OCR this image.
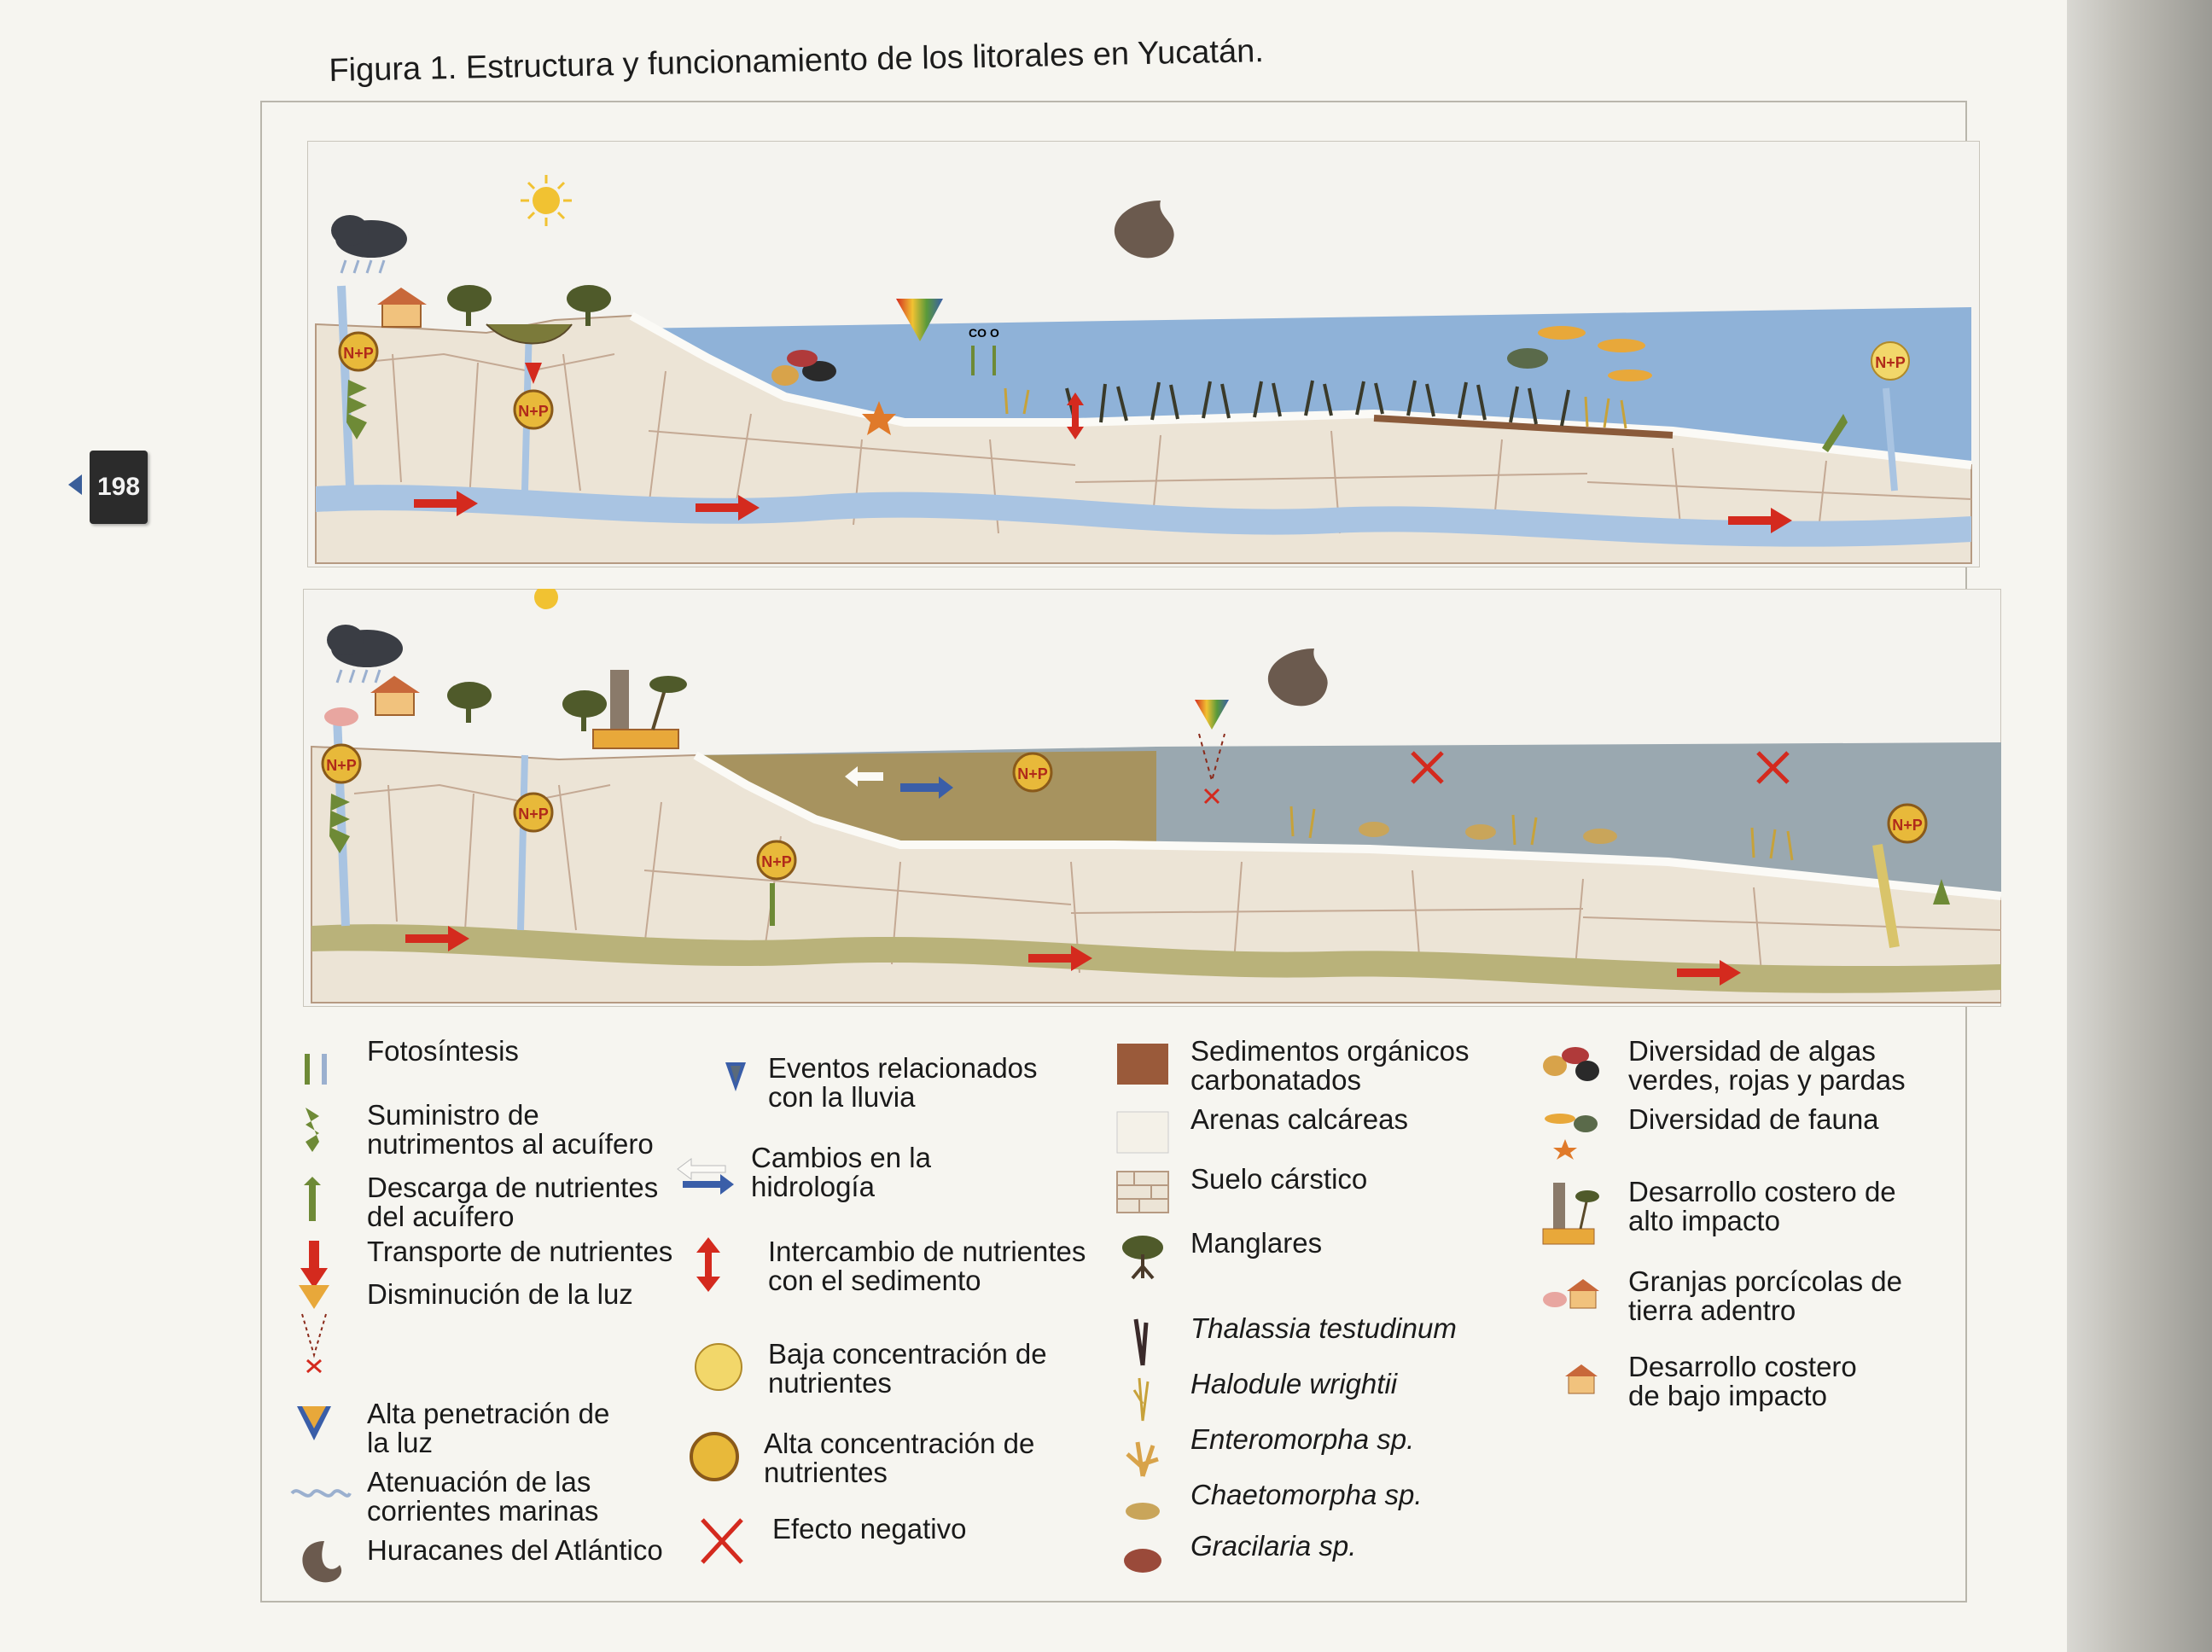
198
Figura 1. Estructura y funcionamiento de los litorales en Yucatán.
N+P
N+P
N+P
CO O
N+P
N+P
N+P
N+P
N+P
Fotosíntesis
Suministro de nutrimentos al acuífero
Descarga de nutrientes del acuífero
Transporte de nutrientes
Disminución de la luz
Alta penetración de la luz
Atenuación de las corrientes marinas
Huracanes del Atlántico
Eventos relacionados con la lluvia
Cambios en la hidrología
Intercambio de nutrientes con el sedimento
Baja concentración de nutrientes
Alta concentración de nutrientes
Efecto negativo
Sedimentos orgánicos carbonatados
Arenas calcáreas
Suelo cárstico
Manglares
Thalassia testudinum
Halodule wrightii
Enteromorpha sp.
Chaetomorpha sp.
Gracilaria sp.
Diversidad de algas verdes, rojas y pardas
Diversidad de fauna
Desarrollo costero de alto impacto
Granjas porcícolas de tierra adentro
Desarrollo costero de bajo impacto
